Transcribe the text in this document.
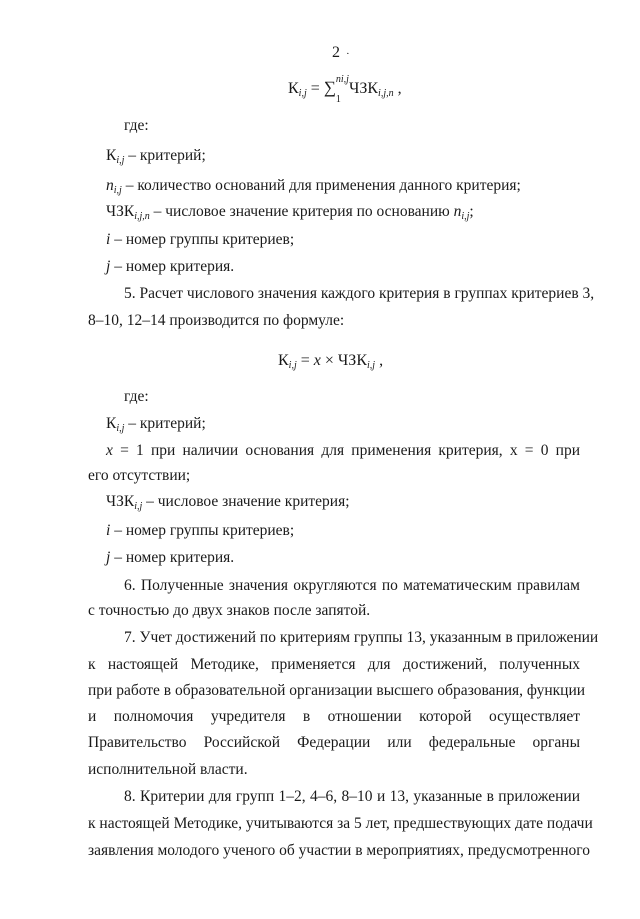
2 ·
$К_{i,j} = \sum^{ni,j}$
1
$ЧЗК_{i,j,n}$ ,
где:
$К_{i,j}$ – критерий;
$n_{i,j}$ – количество оснований для применения данного критерия;
$ЧЗК_{i,j,n}$ – числовое значение критерия по основанию $n_{i,j}$;
i – номер группы критериев;
j – номер критерия.
5. Расчет числового значения каждого критерия в группах критериев 3,
8–10, 12–14 производится по формуле:
$К_{i,j} = x \times ЧЗК_{i,j}$ ,
где:
$К_{i,j}$ – критерий;
x = 1 при наличии основания для применения критерия, x = 0 при
его отсутствии;
$ЧЗК_{i,j}$ – числовое значение критерия;
i – номер группы критериев;
j – номер критерия.
6. Полученные значения округляются по математическим правилам
с точностью до двух знаков после запятой.
7. Учет достижений по критериям группы 13, указанным в приложении
к настоящей Методике, применяется для достижений, полученных
при работе в образовательной организации высшего образования, функции
и полномочия учредителя в отношении которой осуществляет
Правительство Российской Федерации или федеральные органы
исполнительной власти.
8. Критерии для групп 1–2, 4–6, 8–10 и 13, указанные в приложении
к настоящей Методике, учитываются за 5 лет, предшествующих дате подачи
заявления молодого ученого об участии в мероприятиях, предусмотренного
